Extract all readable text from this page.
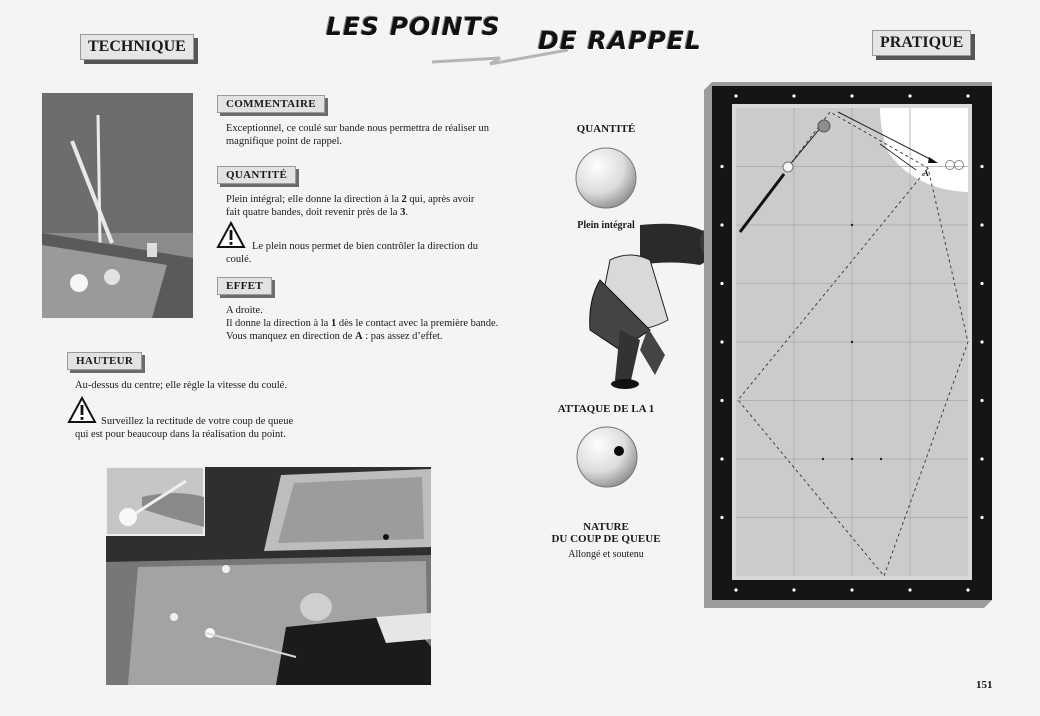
TECHNIQUE	PRATIQUE
LES POINTS DE RAPPEL
COMMENTAIRE
Exceptionnel, ce coulé sur bande nous permettra de réaliser un
magnifique point de rappel.
QUANTITÉ
Plein intégral; elle donne la direction à la 2 qui, après avoir
fait quatre bandes, doit revenir près de la 3.
Le plein nous permet de bien contrôler la direction du
coulé.
EFFET
A droite.
Il donne la direction à la 1 dès le contact avec la première bande.
Vous manquez en direction de A : pas assez d’effet.
HAUTEUR
Au-dessus du centre; elle règle la vitesse du coulé.
Surveillez la rectitude de votre coup de queue
qui est pour beaucoup dans la réalisation du point.
QUANTITÉ
Plein intégral
ATTAQUE DE LA 1
NATURE
DU COUP DE QUEUE
Allongé et soutenu
A
151
